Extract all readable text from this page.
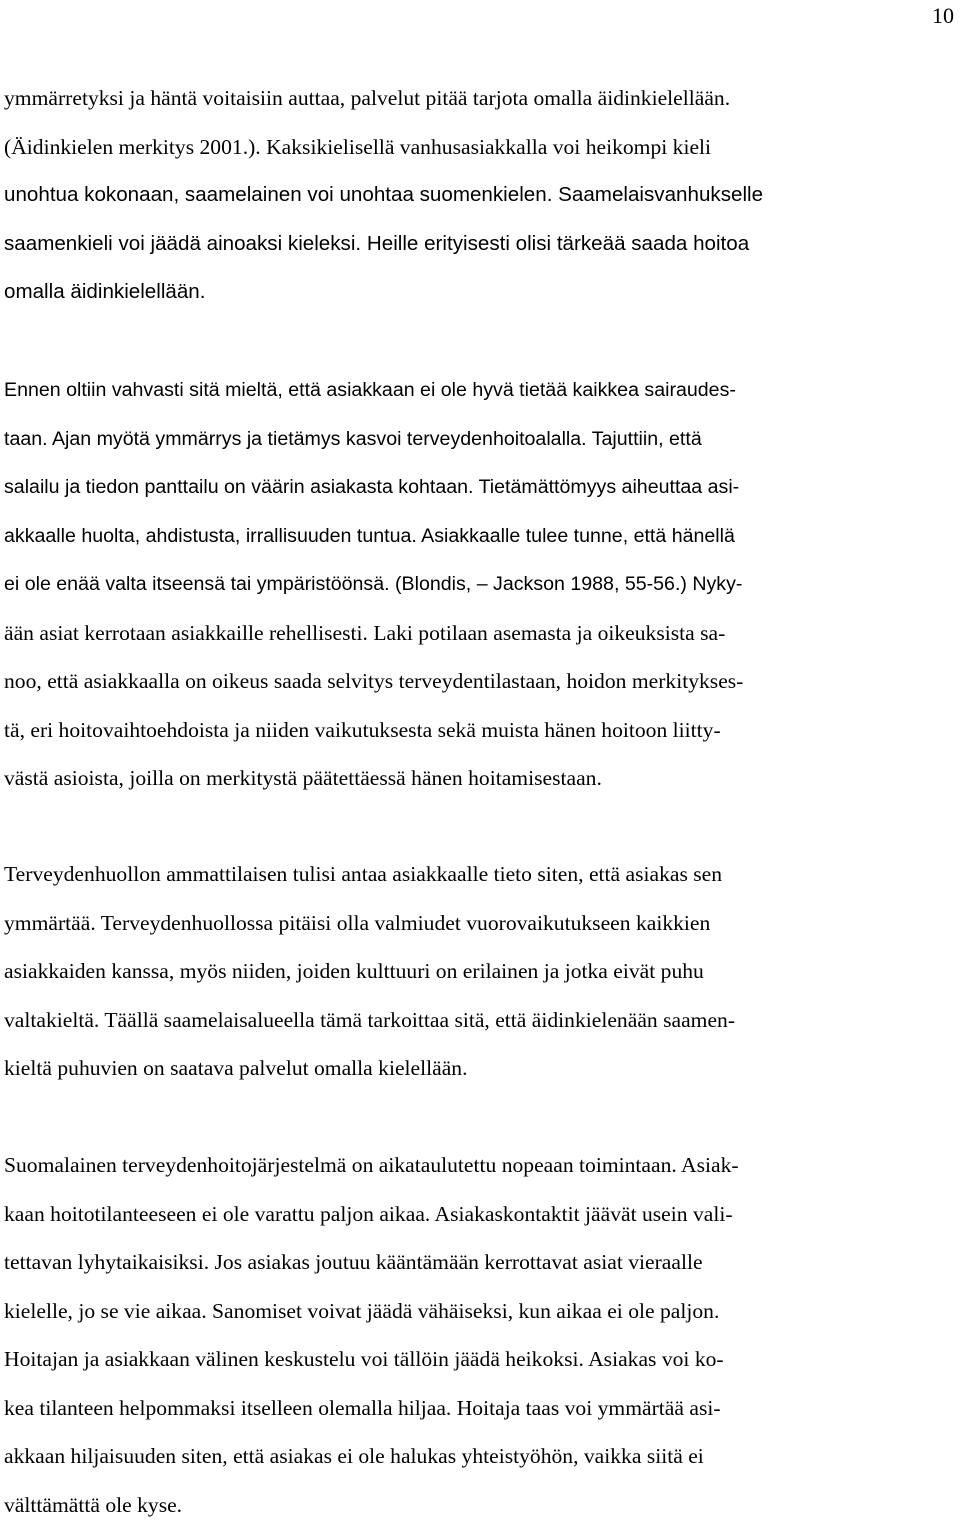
10
ymmärretyksi ja häntä voitaisiin auttaa, palvelut pitää tarjota omalla äidinkielellään.
(Äidinkielen merkitys 2001.). Kaksikielisellä vanhusasiakkalla voi heikompi kieli
unohtua kokonaan, saamelainen voi unohtaa suomenkielen. Saamelaisvanhukselle
saamenkieli voi jäädä ainoaksi kieleksi. Heille erityisesti olisi tärkeää saada hoitoa
omalla äidinkielellään.
Ennen oltiin vahvasti sitä mieltä, että asiakkaan ei ole hyvä tietää kaikkea sairaudes-
taan. Ajan myötä ymmärrys ja tietämys kasvoi terveydenhoitoalalla. Tajuttiin, että
salailu ja tiedon panttailu on väärin asiakasta kohtaan. Tietämättömyys aiheuttaa asi-
akkaalle huolta, ahdistusta, irrallisuuden tuntua. Asiakkaalle tulee tunne, että hänellä
ei ole enää valta itseensä tai ympäristöönsä. (Blondis, – Jackson 1988, 55-56.) Nyky-
ään asiat kerrotaan asiakkaille rehellisesti. Laki potilaan asemasta ja oikeuksista sa-
noo, että asiakkaalla on oikeus saada selvitys terveydentilastaan, hoidon merkitykses-
tä, eri hoitovaihtoehdoista ja niiden vaikutuksesta sekä muista hänen hoitoon liitty-
västä asioista, joilla on merkitystä päätettäessä hänen hoitamisestaan.
Terveydenhuollon ammattilaisen tulisi antaa asiakkaalle tieto siten, että asiakas sen
ymmärtää. Terveydenhuollossa pitäisi olla valmiudet vuorovaikutukseen kaikkien
asiakkaiden kanssa, myös niiden, joiden kulttuuri on erilainen ja jotka eivät puhu
valtakieltä. Täällä saamelaisalueella tämä tarkoittaa sitä, että äidinkielenään saamen-
kieltä puhuvien on saatava palvelut omalla kielellään.
Suomalainen terveydenhoitojärjestelmä on aikataulutettu nopeaan toimintaan. Asiak-
kaan hoitotilanteeseen ei ole varattu paljon aikaa. Asiakaskontaktit jäävät usein vali-
tettavan lyhytaikaisiksi. Jos asiakas joutuu kääntämään kerrottavat asiat vieraalle
kielelle, jo se vie aikaa. Sanomiset voivat jäädä vähäiseksi, kun aikaa ei ole paljon.
Hoitajan ja asiakkaan välinen keskustelu voi tällöin jäädä heikoksi. Asiakas voi ko-
kea tilanteen helpommaksi itselleen olemalla hiljaa. Hoitaja taas voi ymmärtää asi-
akkaan hiljaisuuden siten, että asiakas ei ole halukas yhteistyöhön, vaikka siitä ei
välttämättä ole kyse.
